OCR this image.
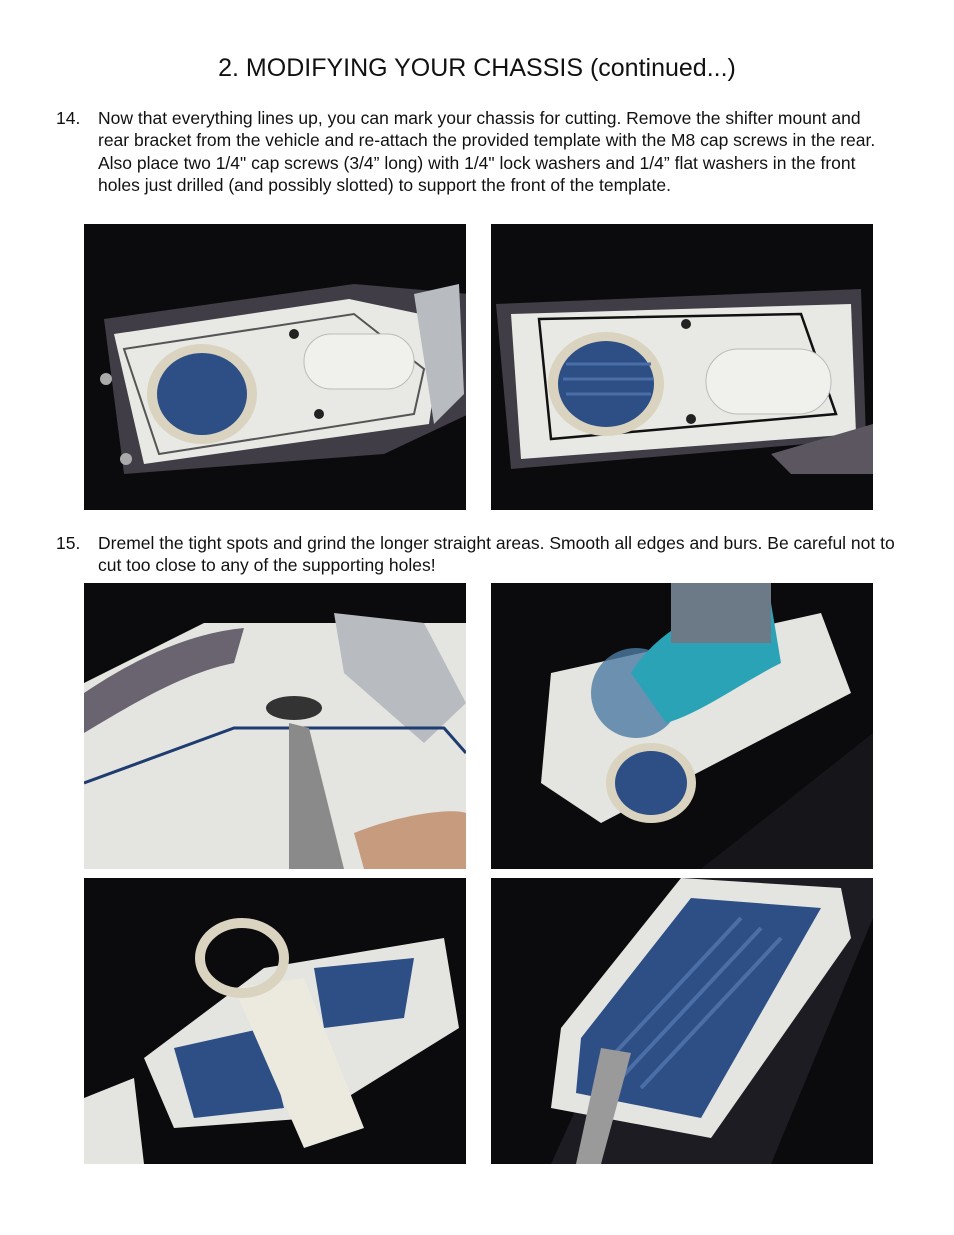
2. MODIFYING YOUR CHASSIS (continued...)
14.	Now that everything lines up, you can mark your chassis for cutting. Remove the shifter mount and rear bracket from the vehicle and re-attach the provided template with the M8 cap screws in the rear. Also place two 1/4" cap screws (3/4” long) with 1/4" lock washers and 1/4” flat washers in the front holes just drilled (and possibly slotted) to support the front of the template.
15.	Dremel the tight spots and grind the longer straight areas. Smooth all edges and burs. Be careful not to cut too close to any of the supporting holes!
